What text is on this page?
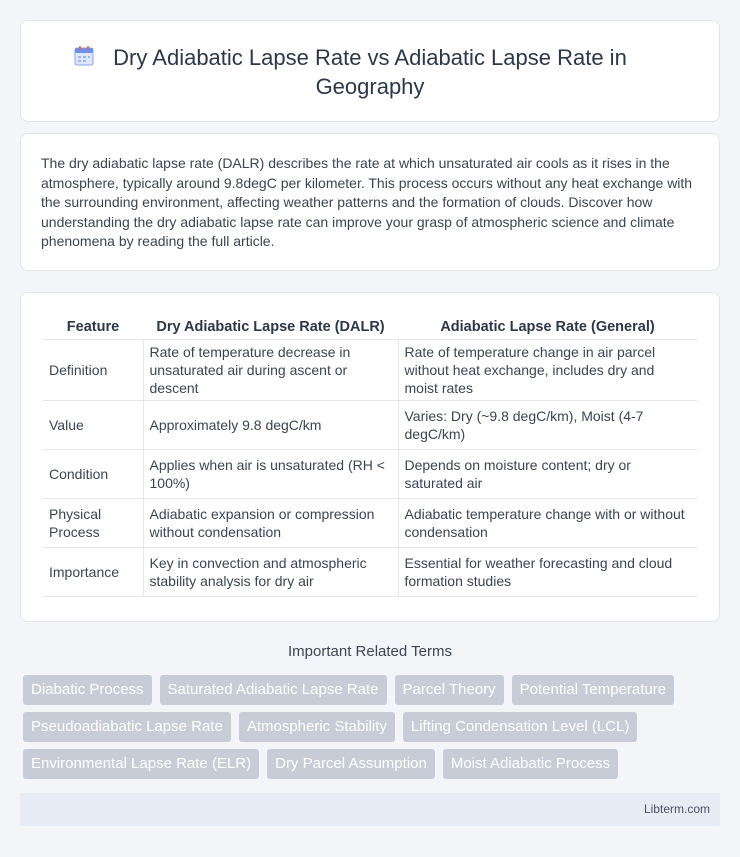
Dry Adiabatic Lapse Rate vs Adiabatic Lapse Rate in Geography

The dry adiabatic lapse rate (DALR) describes the rate at which unsaturated air cools as it rises in the atmosphere, typically around 9.8degC per kilometer. This process occurs without any heat exchange with the surrounding environment, affecting weather patterns and the formation of clouds. Discover how understanding the dry adiabatic lapse rate can improve your grasp of atmospheric science and climate phenomena by reading the full article.

Feature	Dry Adiabatic Lapse Rate (DALR)	Adiabatic Lapse Rate (General)
Definition	Rate of temperature decrease in unsaturated air during ascent or descent	Rate of temperature change in air parcel without heat exchange, includes dry and moist rates
Value	Approximately 9.8 degC/km	Varies: Dry (~9.8 degC/km), Moist (4-7 degC/km)
Condition	Applies when air is unsaturated (RH < 100%)	Depends on moisture content; dry or saturated air
Physical Process	Adiabatic expansion or compression without condensation	Adiabatic temperature change with or without condensation
Importance	Key in convection and atmospheric stability analysis for dry air	Essential for weather forecasting and cloud formation studies
Important Related Terms
Diabatic Process	Saturated Adiabatic Lapse Rate	Parcel Theory	Potential Temperature
Pseudoadiabatic Lapse Rate	Atmospheric Stability	Lifting Condensation Level (LCL)
Environmental Lapse Rate (ELR)	Dry Parcel Assumption	Moist Adiabatic Process
Libterm.com
